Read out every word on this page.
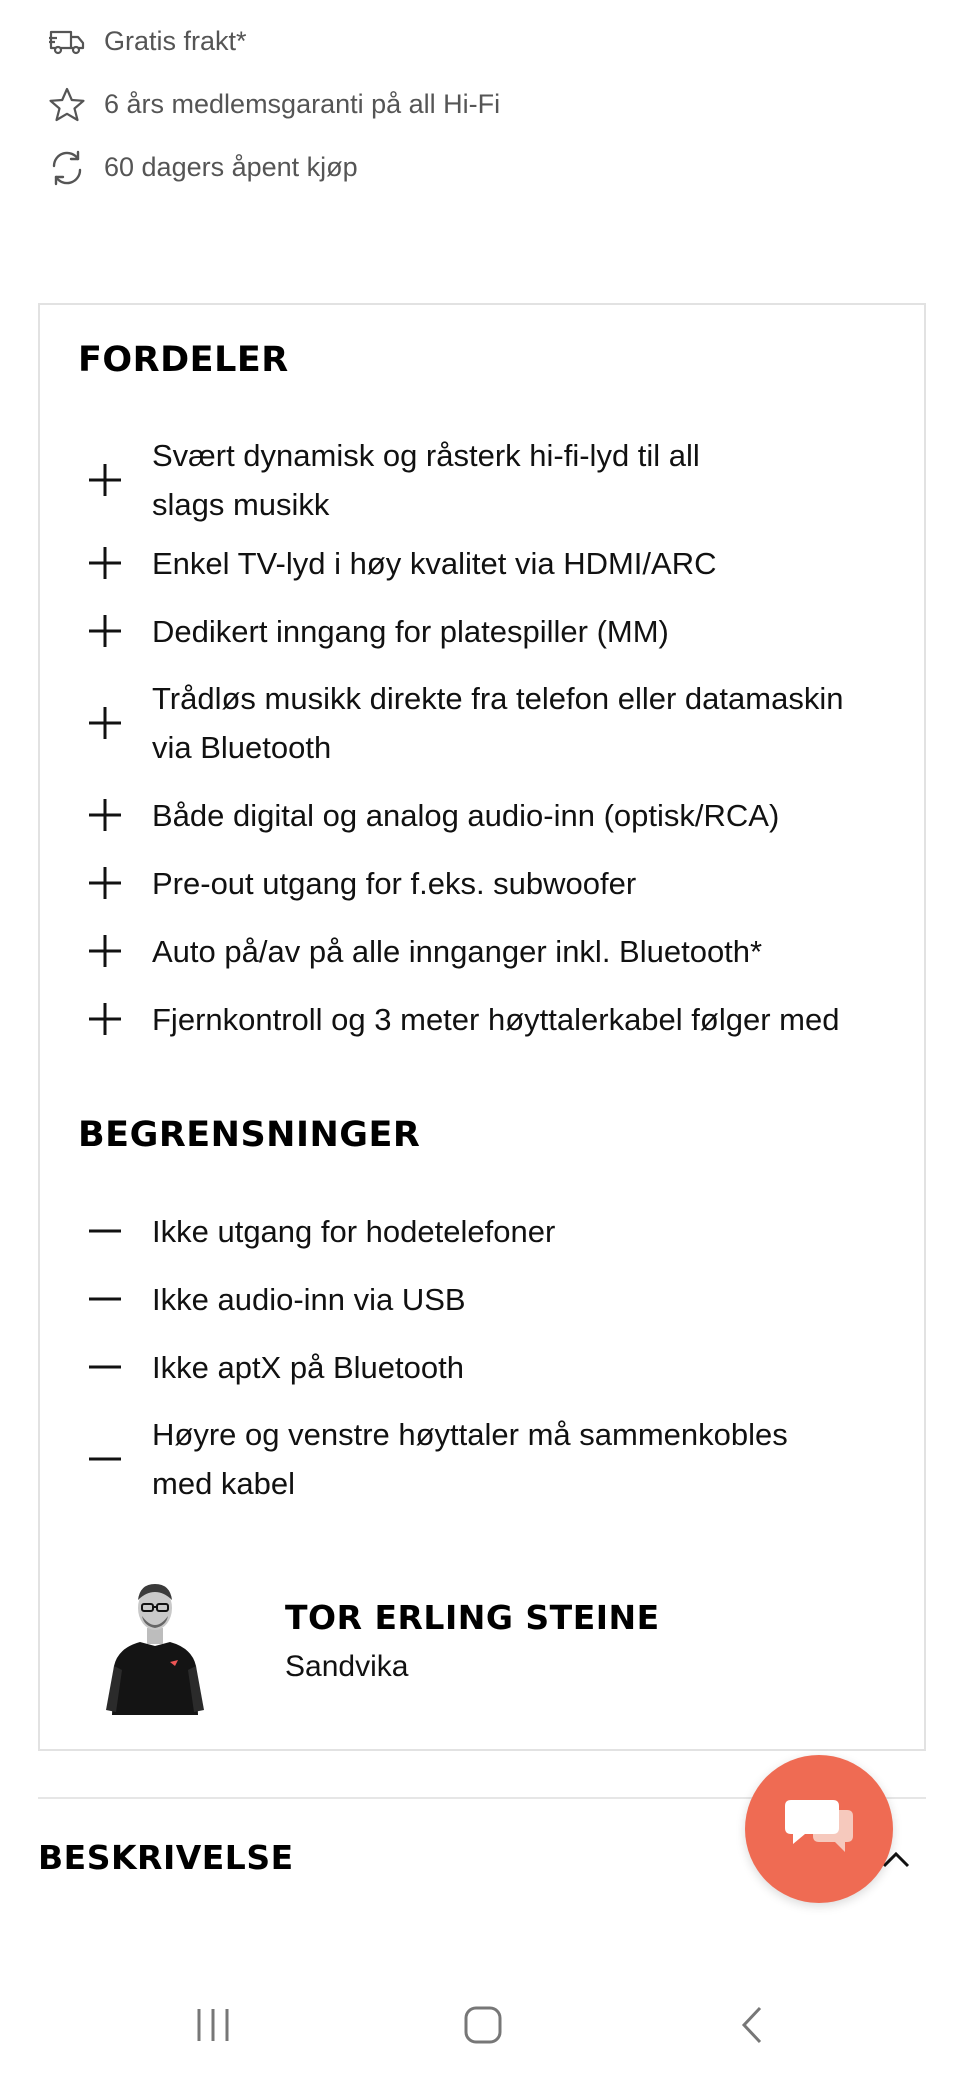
Gratis frakt*
6 års medlemsgaranti på all Hi-Fi
60 dagers åpent kjøp
FORDELER
Svært dynamisk og råsterk hi-fi-lyd til all
slags musikk
Enkel TV-lyd i høy kvalitet via HDMI/ARC
Dedikert inngang for platespiller (MM)
Trådløs musikk direkte fra telefon eller datamaskin
via Bluetooth
Både digital og analog audio-inn (optisk/RCA)
Pre-out utgang for f.eks. subwoofer
Auto på/av på alle innganger inkl. Bluetooth*
Fjernkontroll og 3 meter høyttalerkabel følger med
BEGRENSNINGER
Ikke utgang for hodetelefoner
Ikke audio-inn via USB
Ikke aptX på Bluetooth
Høyre og venstre høyttaler må sammenkobles
med kabel
TOR ERLING STEINE
Sandvika
BESKRIVELSE
